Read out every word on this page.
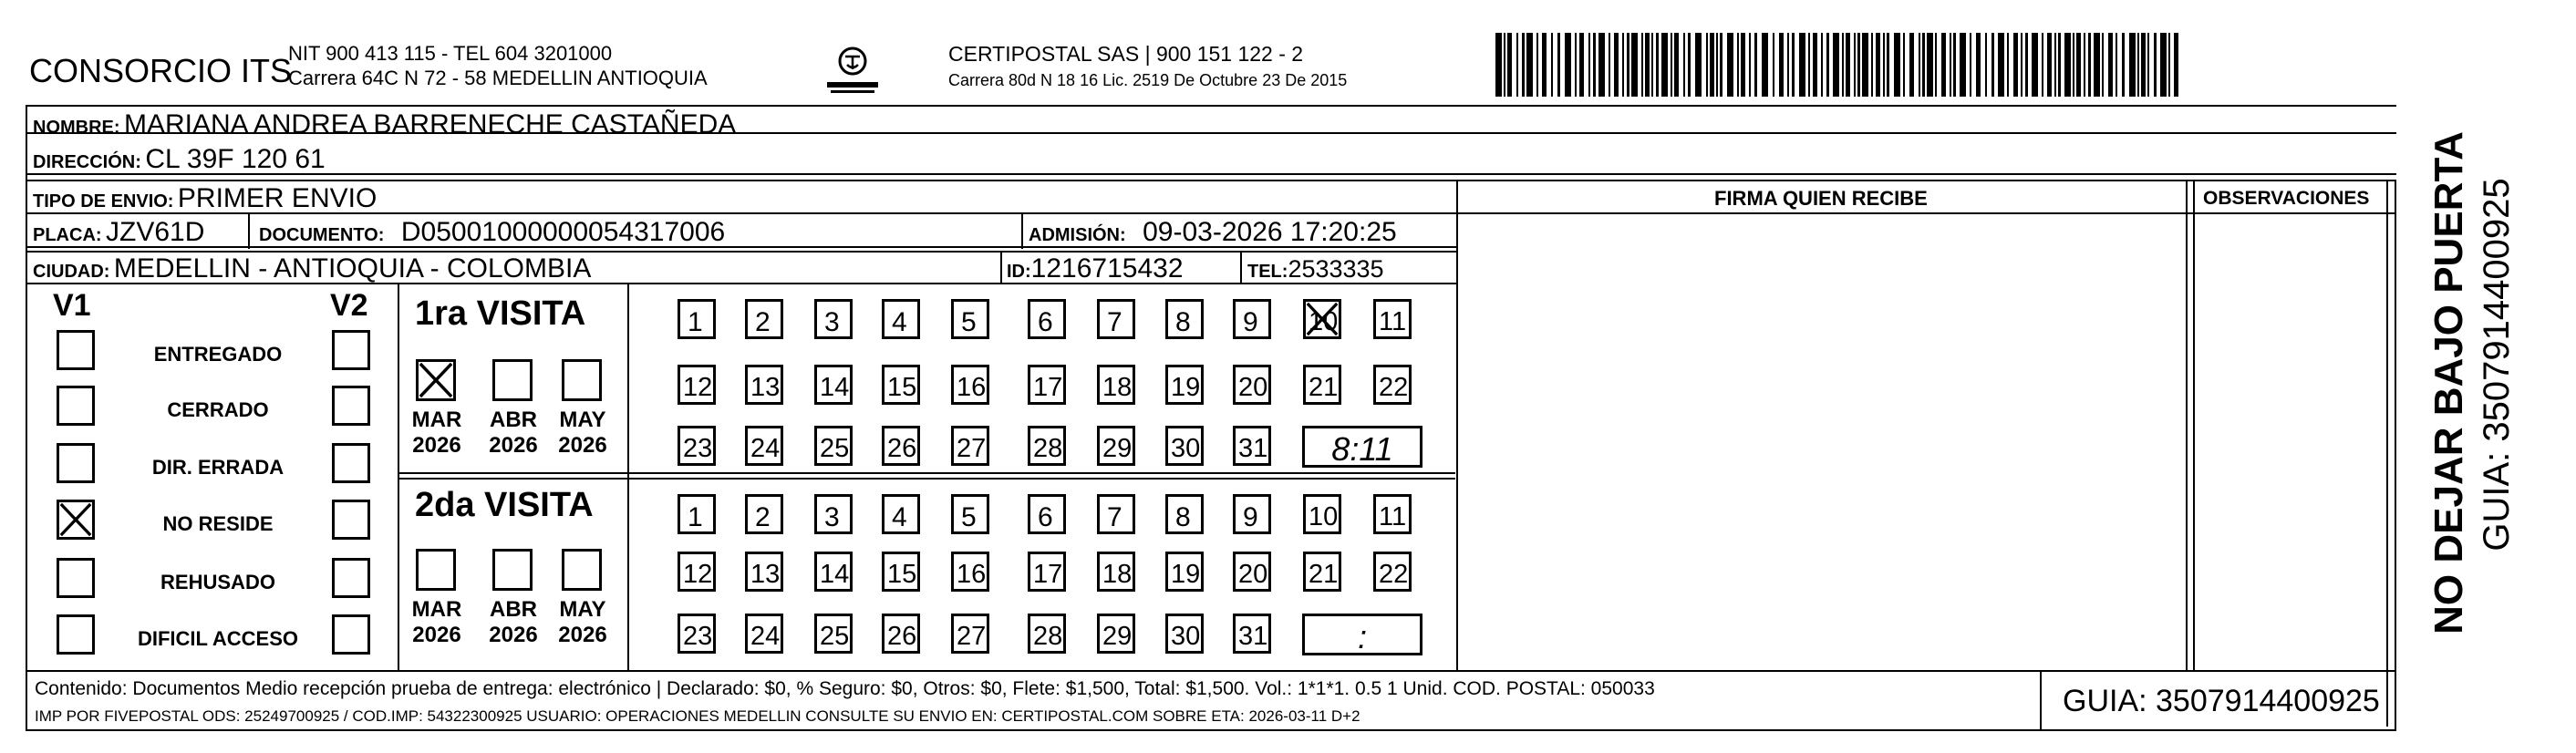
CONSORCIO ITS
NIT 900 413 115 - TEL 604 3201000
Carrera 64C N 72 - 58 MEDELLIN ANTIOQUIA
CERTIPOSTAL SAS | 900 151 122 - 2
Carrera 80d N 18 16 Lic. 2519 De Octubre 23 De 2015
NOMBRE: MARIANA ANDREA BARRENECHE CASTAÑEDA
DIRECCIÓN: CL 39F 120 61
TIPO DE ENVIO: PRIMER ENVIO	FIRMA QUIEN RECIBE	OBSERVACIONES
PLACA: JZV61D	DOCUMENTO: D05001000000054317006	ADMISIÓN: 09-03-2026 17:20:25
CIUDAD: MEDELLIN - ANTIOQUIA - COLOMBIA	ID:1216715432	TEL:2533335
V1	V2
ENTREGADO
CERRADO
DIR. ERRADA
NO RESIDE
REHUSADO
DIFICIL ACCESO
1ra VISITA
2da VISITA
MAR
2026
ABR
2026
MAY
2026
MAR
2026
ABR
2026
MAY
2026
1 2 3 4 5 6 7 8 9 10 11
12 13 14 15 16 17 18 19 20 21 22
23 24 25 26 27 28 29 30 31	8:11
1 2 3 4 5 6 7 8 9 10 11
12 13 14 15 16 17 18 19 20 21 22
23 24 25 26 27 28 29 30 31	:
Contenido: Documentos Medio recepción prueba de entrega: electrónico | Declarado: $0, % Seguro: $0, Otros: $0, Flete: $1,500, Total: $1,500. Vol.: 1*1*1. 0.5 1 Unid. COD. POSTAL: 050033
IMP POR FIVEPOSTAL ODS: 25249700925 / COD.IMP: 54322300925 USUARIO: OPERACIONES MEDELLIN CONSULTE SU ENVIO EN: CERTIPOSTAL.COM SOBRE ETA: 2026-03-11 D+2	GUIA: 3507914400925
NO DEJAR BAJO PUERTA GUIA: 3507914400925
